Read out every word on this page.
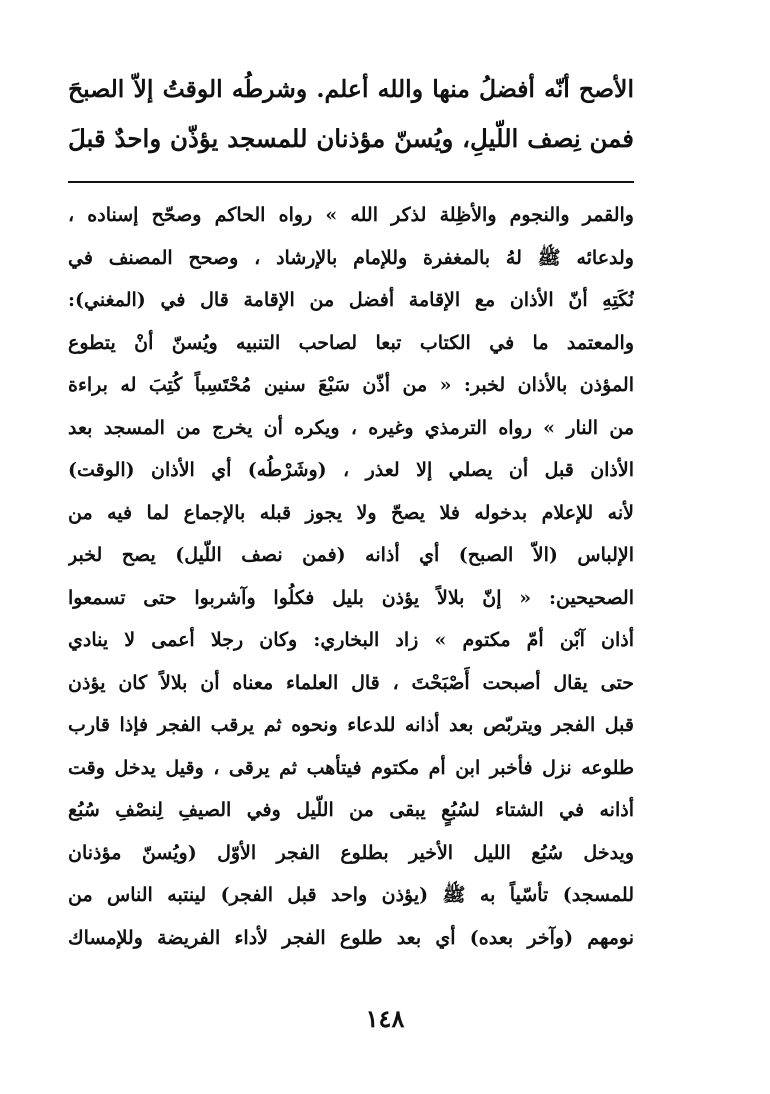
الأصح أنّه أفضلُ منها والله أعلم. وشرطُه الوقتُ إلاّ الصبحَ
فمن نِصف اللّيلِ، ويُسنّ مؤذنان للمسجد يؤذّن واحدٌ قبلَ
والقمر والنجوم والأظِلة لذكر الله » رواه الحاكم وصحّح إسناده ،
ولدعائه ﷺ لهُ بالمغفرة وللإمام بالإرشاد ، وصحح المصنف في
نُكَتِهِ أنّ الأذان مع الإقامة أفضل من الإقامة قال في (المغني):
والمعتمد ما في الكتاب تبعا لصاحب التنبيه ويُسنّ أنْ يتطوع
المؤذن بالأذان لخبر: « من أذّن سَبْعَ سنين مُحْتَسِباً كُتِبَ له براءة
من النار » رواه الترمذي وغيره ، ويكره أن يخرج من المسجد بعد
الأذان قبل أن يصلي إلا لعذر ، (وشَرْطُه) أي الأذان (الوقت)
لأنه للإعلام بدخوله فلا يصحّ ولا يجوز قبله بالإجماع لما فيه من
الإلباس (الاّ الصبح) أي أذانه (فمن نصف اللّيل) يصح لخبر
الصحيحين: « إنّ بلالاً يؤذن بليل فكلُوا وآشربوا حتى تسمعوا
أذان آبْن أمّ مكتوم » زاد البخاري: وكان رجلا أعمى لا ينادي
حتى يقال أصبحت أَصْبَحْتَ ، قال العلماء معناه أن بلالاً كان يؤذن
قبل الفجر ويتربّص بعد أذانه للدعاء ونحوه ثم يرقب الفجر فإذا قارب
طلوعه نزل فأخبر ابن أم مكتوم فيتأهب ثم يرقى ، وقيل يدخل وقت
أذانه في الشتاء لسُبُعٍ يبقى من اللّيل وفي الصيفِ لِنصْفِ سُبُع
ويدخل سُبُع الليل الأخير بطلوع الفجر الأوّل (ويُسنّ مؤذنان
للمسجد) تأسّياً به ﷺ (يؤذن واحد قبل الفجر) لينتبه الناس من
نومهم (وآخر بعده) أي بعد طلوع الفجر لأداء الفريضة وللإمساك
١٤٨
